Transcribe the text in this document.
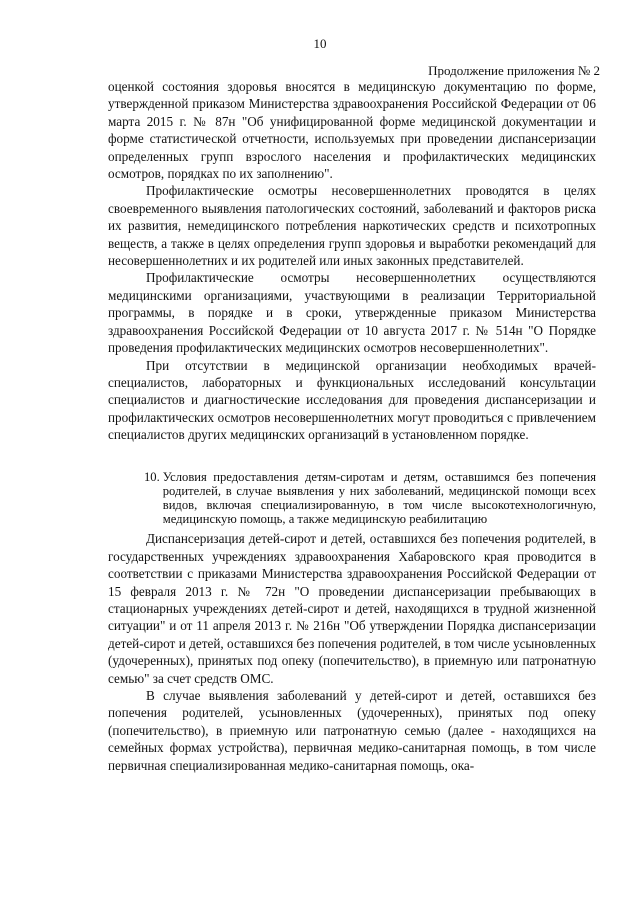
10
Продолжение приложения № 2

оценкой состояния здоровья вносятся в медицинскую документацию по форме, утвержденной приказом Министерства здравоохранения Российской Федерации от 06 марта 2015 г. № 87н "Об унифицированной форме медицинской документации и форме статистической отчетности, используемых при проведении диспансеризации определенных групп взрослого населения и профилактических медицинских осмотров, порядках по их заполнению".

Профилактические осмотры несовершеннолетних проводятся в целях своевременного выявления патологических состояний, заболеваний и факторов риска их развития, немедицинского потребления наркотических средств и психотропных веществ, а также в целях определения групп здоровья и выработки рекомендаций для несовершеннолетних и их родителей или иных законных представителей.

Профилактические осмотры несовершеннолетних осуществляются медицинскими организациями, участвующими в реализации Территориальной программы, в порядке и в сроки, утвержденные приказом Министерства здравоохранения Российской Федерации от 10 августа 2017 г. № 514н "О Порядке проведения профилактических медицинских осмотров несовершеннолетних".

При отсутствии в медицинской организации необходимых врачей-специалистов, лабораторных и функциональных исследований консультации специалистов и диагностические исследования для проведения диспансеризации и профилактических осмотров несовершеннолетних могут проводиться с привлечением специалистов других медицинских организаций в установленном порядке.

10. Условия предоставления детям-сиротам и детям, оставшимся без попечения родителей, в случае выявления у них заболеваний, медицинской помощи всех видов, включая специализированную, в том числе высокотехнологичную, медицинскую помощь, а также медицинскую реабилитацию

Диспансеризация детей-сирот и детей, оставшихся без попечения родителей, в государственных учреждениях здравоохранения Хабаровского края проводится в соответствии с приказами Министерства здравоохранения Российской Федерации от 15 февраля 2013 г. № 72н "О проведении диспансеризации пребывающих в стационарных учреждениях детей-сирот и детей, находящихся в трудной жизненной ситуации" и от 11 апреля 2013 г. № 216н "Об утверждении Порядка диспансеризации детей-сирот и детей, оставшихся без попечения родителей, в том числе усыновленных (удочеренных), принятых под опеку (попечительство), в приемную или патронатную семью" за счет средств ОМС.

В случае выявления заболеваний у детей-сирот и детей, оставшихся без попечения родителей, усыновленных (удочеренных), принятых под опеку (попечительство), в приемную или патронатную семью (далее - находящихся на семейных формах устройства), первичная медико-санитарная помощь, в том числе первичная специализированная медико-санитарная помощь, ока-
